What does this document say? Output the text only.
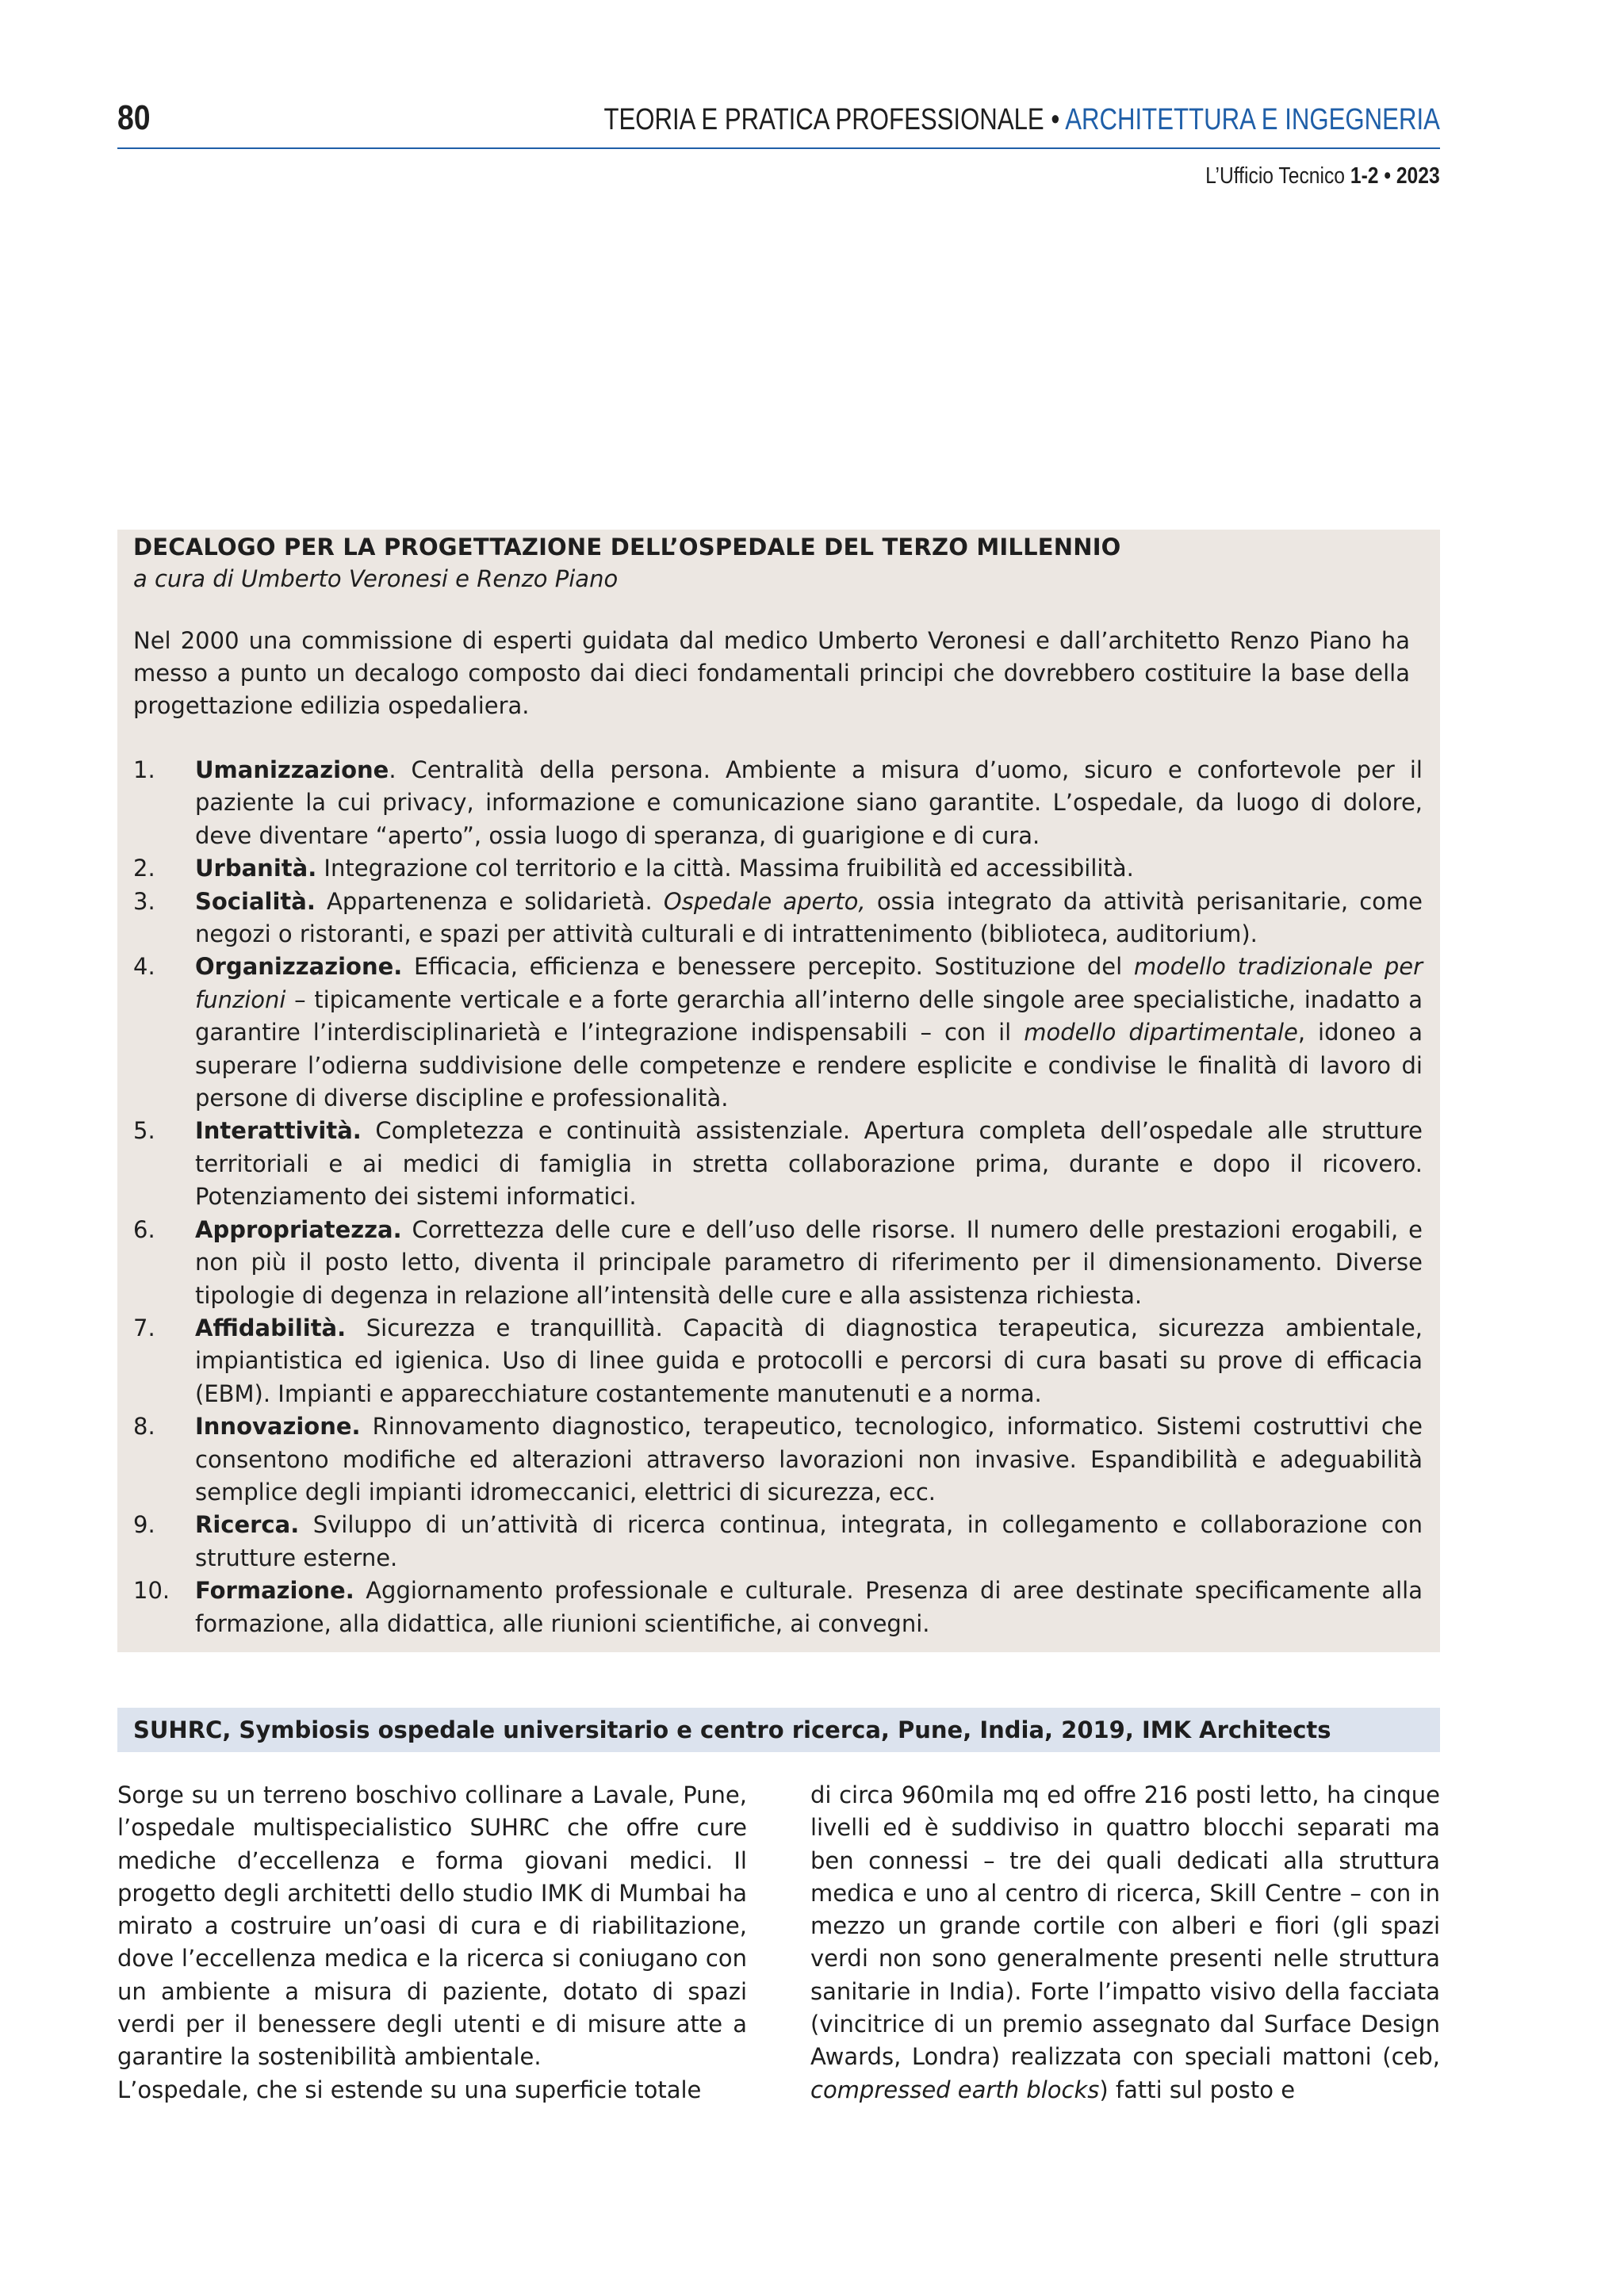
80	TEORIA E PRATICA PROFESSIONALE • ARCHITETTURA E INGEGNERIA
L’Ufficio Tecnico 1-2 • 2023

DECALOGO PER LA PROGETTAZIONE DELL’OSPEDALE DEL TERZO MILLENNIO

a cura di Umberto Veronesi e Renzo Piano

Nel 2000 una commissione di esperti guidata dal medico Umberto Veronesi e dall’architetto Renzo Piano ha messo a punto un decalogo composto dai dieci fondamentali principi che dovrebbero costituire la base della progettazione edilizia ospedaliera.

1. Umanizzazione. Centralità della persona. Ambiente a misura d’uomo, sicuro e confortevole per il paziente la cui privacy, informazione e comunicazione siano garantite. L’ospedale, da luogo di dolore, deve diventare “aperto”, ossia luogo di speranza, di guarigione e di cura.
2. Urbanità. Integrazione col territorio e la città. Massima fruibilità ed accessibilità.
3. Socialità. Appartenenza e solidarietà. Ospedale aperto, ossia integrato da attività perisanitarie, come negozi o ristoranti, e spazi per attività culturali e di intrattenimento (biblioteca, auditorium).
4. Organizzazione. Efficacia, efficienza e benessere percepito. Sostituzione del modello tradizionale per funzioni – tipicamente verticale e a forte gerarchia all’interno delle singole aree specialistiche, inadatto a garantire l’interdisciplinarietà e l’integrazione indispensabili – con il modello dipartimentale, idoneo a superare l’odierna suddivisione delle competenze e rendere esplicite e condivise le finalità di lavoro di persone di diverse discipline e professionalità.
5. Interattività. Completezza e continuità assistenziale. Apertura completa dell’ospedale alle strutture territoriali e ai medici di famiglia in stretta collaborazione prima, durante e dopo il ricovero. Potenziamento dei sistemi informatici.
6. Appropriatezza. Correttezza delle cure e dell’uso delle risorse. Il numero delle prestazioni erogabili, e non più il posto letto, diventa il principale parametro di riferimento per il dimensionamento. Diverse tipologie di degenza in relazione all’intensità delle cure e alla assistenza richiesta.
7. Affidabilità. Sicurezza e tranquillità. Capacità di diagnostica terapeutica, sicurezza ambientale, impiantistica ed igienica. Uso di linee guida e protocolli e percorsi di cura basati su prove di efficacia (EBM). Impianti e apparecchiature costantemente manutenuti e a norma.
8. Innovazione. Rinnovamento diagnostico, terapeutico, tecnologico, informatico. Sistemi costruttivi che consentono modifiche ed alterazioni attraverso lavorazioni non invasive. Espandibilità e adeguabilità semplice degli impianti idromeccanici, elettrici di sicurezza, ecc.
9. Ricerca. Sviluppo di un’attività di ricerca continua, integrata, in collegamento e collaborazione con strutture esterne.
10. Formazione. Aggiornamento professionale e culturale. Presenza di aree destinate specificamente alla formazione, alla didattica, alle riunioni scientifiche, ai convegni.
SUHRC, Symbiosis ospedale universitario e centro ricerca, Pune, India, 2019, IMK Architects

Sorge su un terreno boschivo collinare a Lavale, Pune, l’ospedale multispecialistico SUHRC che offre cure mediche d’eccellenza e forma giovani medici. Il progetto degli architetti dello studio IMK di Mumbai ha mirato a costruire un’oasi di cura e di riabilitazione, dove l’eccellenza medica e la ricerca si coniugano con un ambiente a misura di paziente, dotato di spazi verdi per il benessere degli utenti e di misure atte a garantire la sostenibilità ambientale.

L’ospedale, che si estende su una superficie totale

di circa 960mila mq ed offre 216 posti letto, ha cinque livelli ed è suddiviso in quattro blocchi separati ma ben connessi – tre dei quali dedicati alla struttura medica e uno al centro di ricerca, Skill Centre – con in mezzo un grande cortile con alberi e fiori (gli spazi verdi non sono generalmente presenti nelle struttura sanitarie in India). Forte l’impatto visivo della facciata (vincitrice di un premio assegnato dal Surface Design Awards, Londra) realizzata con speciali mattoni (ceb, compressed earth blocks) fatti sul posto e
